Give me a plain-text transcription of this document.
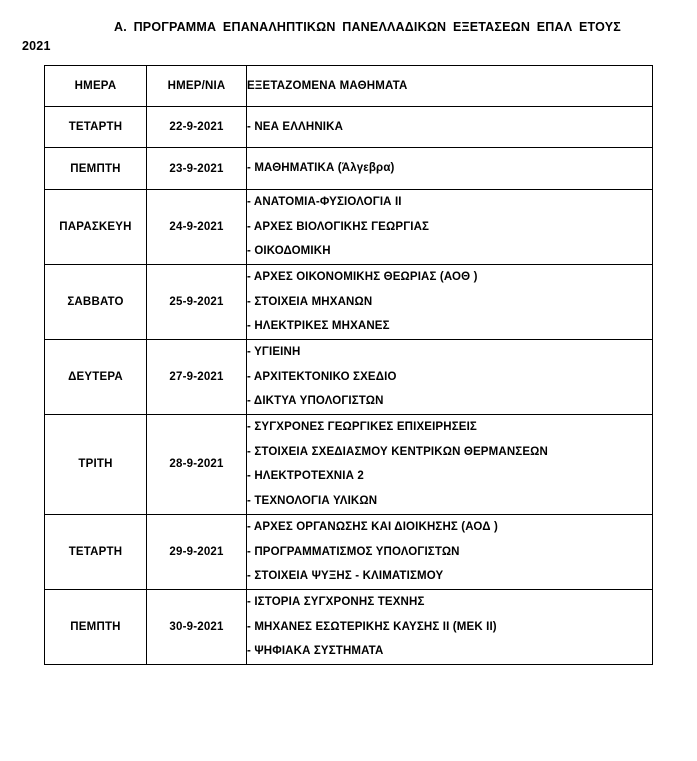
Α. ΠΡΟΓΡΑΜΜΑ ΕΠΑΝΑΛΗΠΤΙΚΩΝ ΠΑΝΕΛΛΑΔΙΚΩΝ ΕΞΕΤΑΣΕΩΝ ΕΠΑΛ ΕΤΟΥΣ
2021
ΗΜΕΡΑ	ΗΜΕΡ/ΝΙΑ	ΕΞΕΤΑΖΟΜΕΝΑ ΜΑΘΗΜΑΤΑ
ΤΕΤΑΡΤΗ	22-9-2021	- ΝΕΑ ΕΛΛΗΝΙΚΑ

ΠΕΜΠΤΗ	23-9-2021	- ΜΑΘΗΜΑΤΙΚΑ (Άλγεβρα)

ΠΑΡΑΣΚΕΥΗ	24-9-2021	- ΑΝΑΤΟΜΙΑ-ΦΥΣΙΟΛΟΓΙΑ ΙΙ
- ΑΡΧΕΣ ΒΙΟΛΟΓΙΚΗΣ ΓΕΩΡΓΙΑΣ
- ΟΙΚΟΔΟΜΙΚΗ

ΣΑΒΒΑΤΟ	25-9-2021	- ΑΡΧΕΣ ΟΙΚΟΝΟΜΙΚΗΣ ΘΕΩΡΙΑΣ (ΑΟΘ )
- ΣΤΟΙΧΕΙΑ ΜΗΧΑΝΩΝ
- ΗΛΕΚΤΡΙΚΕΣ ΜΗΧΑΝΕΣ

ΔΕΥΤΕΡΑ	27-9-2021	- ΥΓΙΕΙΝΗ
- ΑΡΧΙΤΕΚΤΟΝΙΚΟ ΣΧΕΔΙΟ
- ΔΙΚΤΥΑ ΥΠΟΛΟΓΙΣΤΩΝ

ΤΡΙΤΗ	28-9-2021	- ΣΥΓΧΡΟΝΕΣ ΓΕΩΡΓΙΚΕΣ ΕΠΙΧΕΙΡΗΣΕΙΣ
- ΣΤΟΙΧΕΙΑ ΣΧΕΔΙΑΣΜΟΥ ΚΕΝΤΡΙΚΩΝ ΘΕΡΜΑΝΣΕΩΝ
- ΗΛΕΚΤΡΟΤΕΧΝΙΑ 2
- ΤΕΧΝΟΛΟΓΙΑ ΥΛΙΚΩΝ

ΤΕΤΑΡΤΗ	29-9-2021	- ΑΡΧΕΣ ΟΡΓΑΝΩΣΗΣ ΚΑΙ ΔΙΟΙΚΗΣΗΣ (ΑΟΔ )
- ΠΡΟΓΡΑΜΜΑΤΙΣΜΟΣ ΥΠΟΛΟΓΙΣΤΩΝ
- ΣΤΟΙΧΕΙΑ ΨΥΞΗΣ - ΚΛΙΜΑΤΙΣΜΟΥ

ΠΕΜΠΤΗ	30-9-2021	- ΙΣΤΟΡΙΑ ΣΥΓΧΡΟΝΗΣ ΤΕΧΝΗΣ
- ΜΗΧΑΝΕΣ ΕΣΩΤΕΡΙΚΗΣ ΚΑΥΣΗΣ ΙΙ (ΜΕΚ ΙΙ)
- ΨΗΦΙΑΚΑ ΣΥΣΤΗΜΑΤΑ
